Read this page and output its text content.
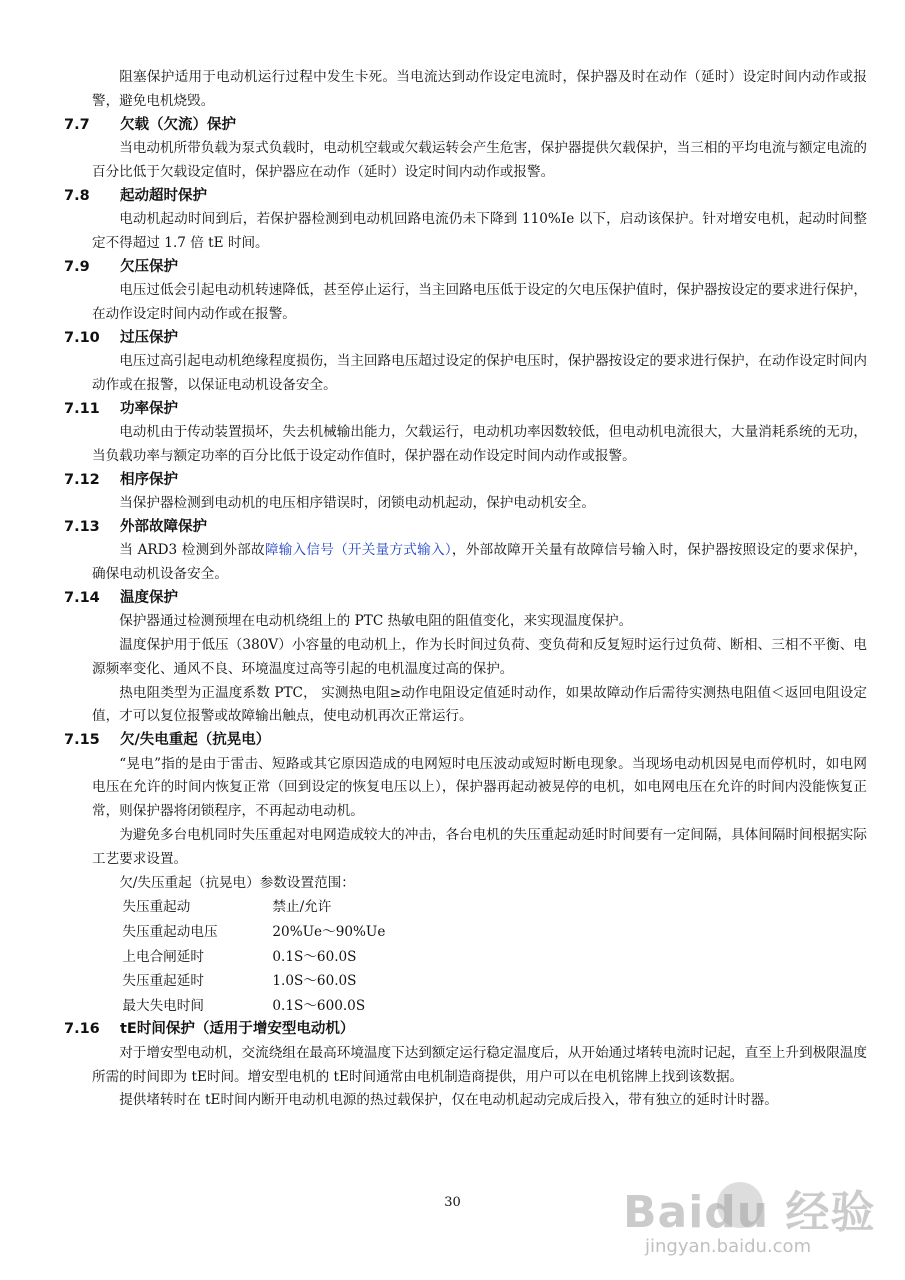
阻塞保护适用于电动机运行过程中发生卡死。当电流达到动作设定电流时，保护器及时在动作（延时）设定时间内动作或报警，避免电机烧毁。

7.7 欠载（欠流）保护

当电动机所带负载为泵式负载时，电动机空载或欠载运转会产生危害，保护器提供欠载保护，当三相的平均电流与额定电流的百分比低于欠载设定值时，保护器应在动作（延时）设定时间内动作或报警。

7.8 起动超时保护

电动机起动时间到后，若保护器检测到电动机回路电流仍未下降到 110%Ie 以下，启动该保护。针对增安电机，起动时间整定不得超过 1.7 倍 tE 时间。

7.9 欠压保护

电压过低会引起电动机转速降低，甚至停止运行，当主回路电压低于设定的欠电压保护值时，保护器按设定的要求进行保护，在动作设定时间内动作或在报警。

7.10 过压保护

电压过高引起电动机绝缘程度损伤，当主回路电压超过设定的保护电压时，保护器按设定的要求进行保护，在动作设定时间内动作或在报警，以保证电动机设备安全。

7.11 功率保护

电动机由于传动装置损坏，失去机械输出能力，欠载运行，电动机功率因数较低，但电动机电流很大，大量消耗系统的无功，当负载功率与额定功率的百分比低于设定动作值时，保护器在动作设定时间内动作或报警。

7.12 相序保护

当保护器检测到电动机的电压相序错误时，闭锁电动机起动，保护电动机安全。

7.13 外部故障保护

当 ARD3 检测到外部故障输入信号（开关量方式输入），外部故障开关量有故障信号输入时，保护器按照设定的要求保护，确保电动机设备安全。

7.14 温度保护

保护器通过检测预埋在电动机绕组上的 PTC 热敏电阻的阻值变化，来实现温度保护。

温度保护用于低压（380V）小容量的电动机上，作为长时间过负荷、变负荷和反复短时运行过负荷、断相、三相不平衡、电源频率变化、通风不良、环境温度过高等引起的电机温度过高的保护。

热电阻类型为正温度系数 PTC， 实测热电阻≥动作电阻设定值延时动作，如果故障动作后需待实测热电阻值＜返回电阻设定值，才可以复位报警或故障输出触点，使电动机再次正常运行。

7.15 欠/失电重起（抗晃电）

“晃电”指的是由于雷击、短路或其它原因造成的电网短时电压波动或短时断电现象。当现场电动机因晃电而停机时，如电网电压在允许的时间内恢复正常（回到设定的恢复电压以上），保护器再起动被晃停的电机，如电网电压在允许的时间内没能恢复正常，则保护器将闭锁程序，不再起动电动机。

为避免多台电机同时失压重起对电网造成较大的冲击，各台电机的失压重起动延时时间要有一定间隔，具体间隔时间根据实际工艺要求设置。

欠/失压重起（抗晃电）参数设置范围：

失压重起动	禁止/允许
失压重起动电压	20%Ue～90%Ue
上电合闸延时	0.1S～60.0S
失压重起延时	1.0S～60.0S
最大失电时间	0.1S～600.0S

7.16 tE时间保护（适用于增安型电动机）

对于增安型电动机，交流绕组在最高环境温度下达到额定运行稳定温度后，从开始通过堵转电流时记起，直至上升到极限温度所需的时间即为 tE时间。增安型电机的 tE时间通常由电机制造商提供，用户可以在电机铭牌上找到该数据。

提供堵转时在 tE时间内断开电动机电源的热过载保护，仅在电动机起动完成后投入，带有独立的延时计时器。

30	Baidu 经验
jingyan.baidu.com
